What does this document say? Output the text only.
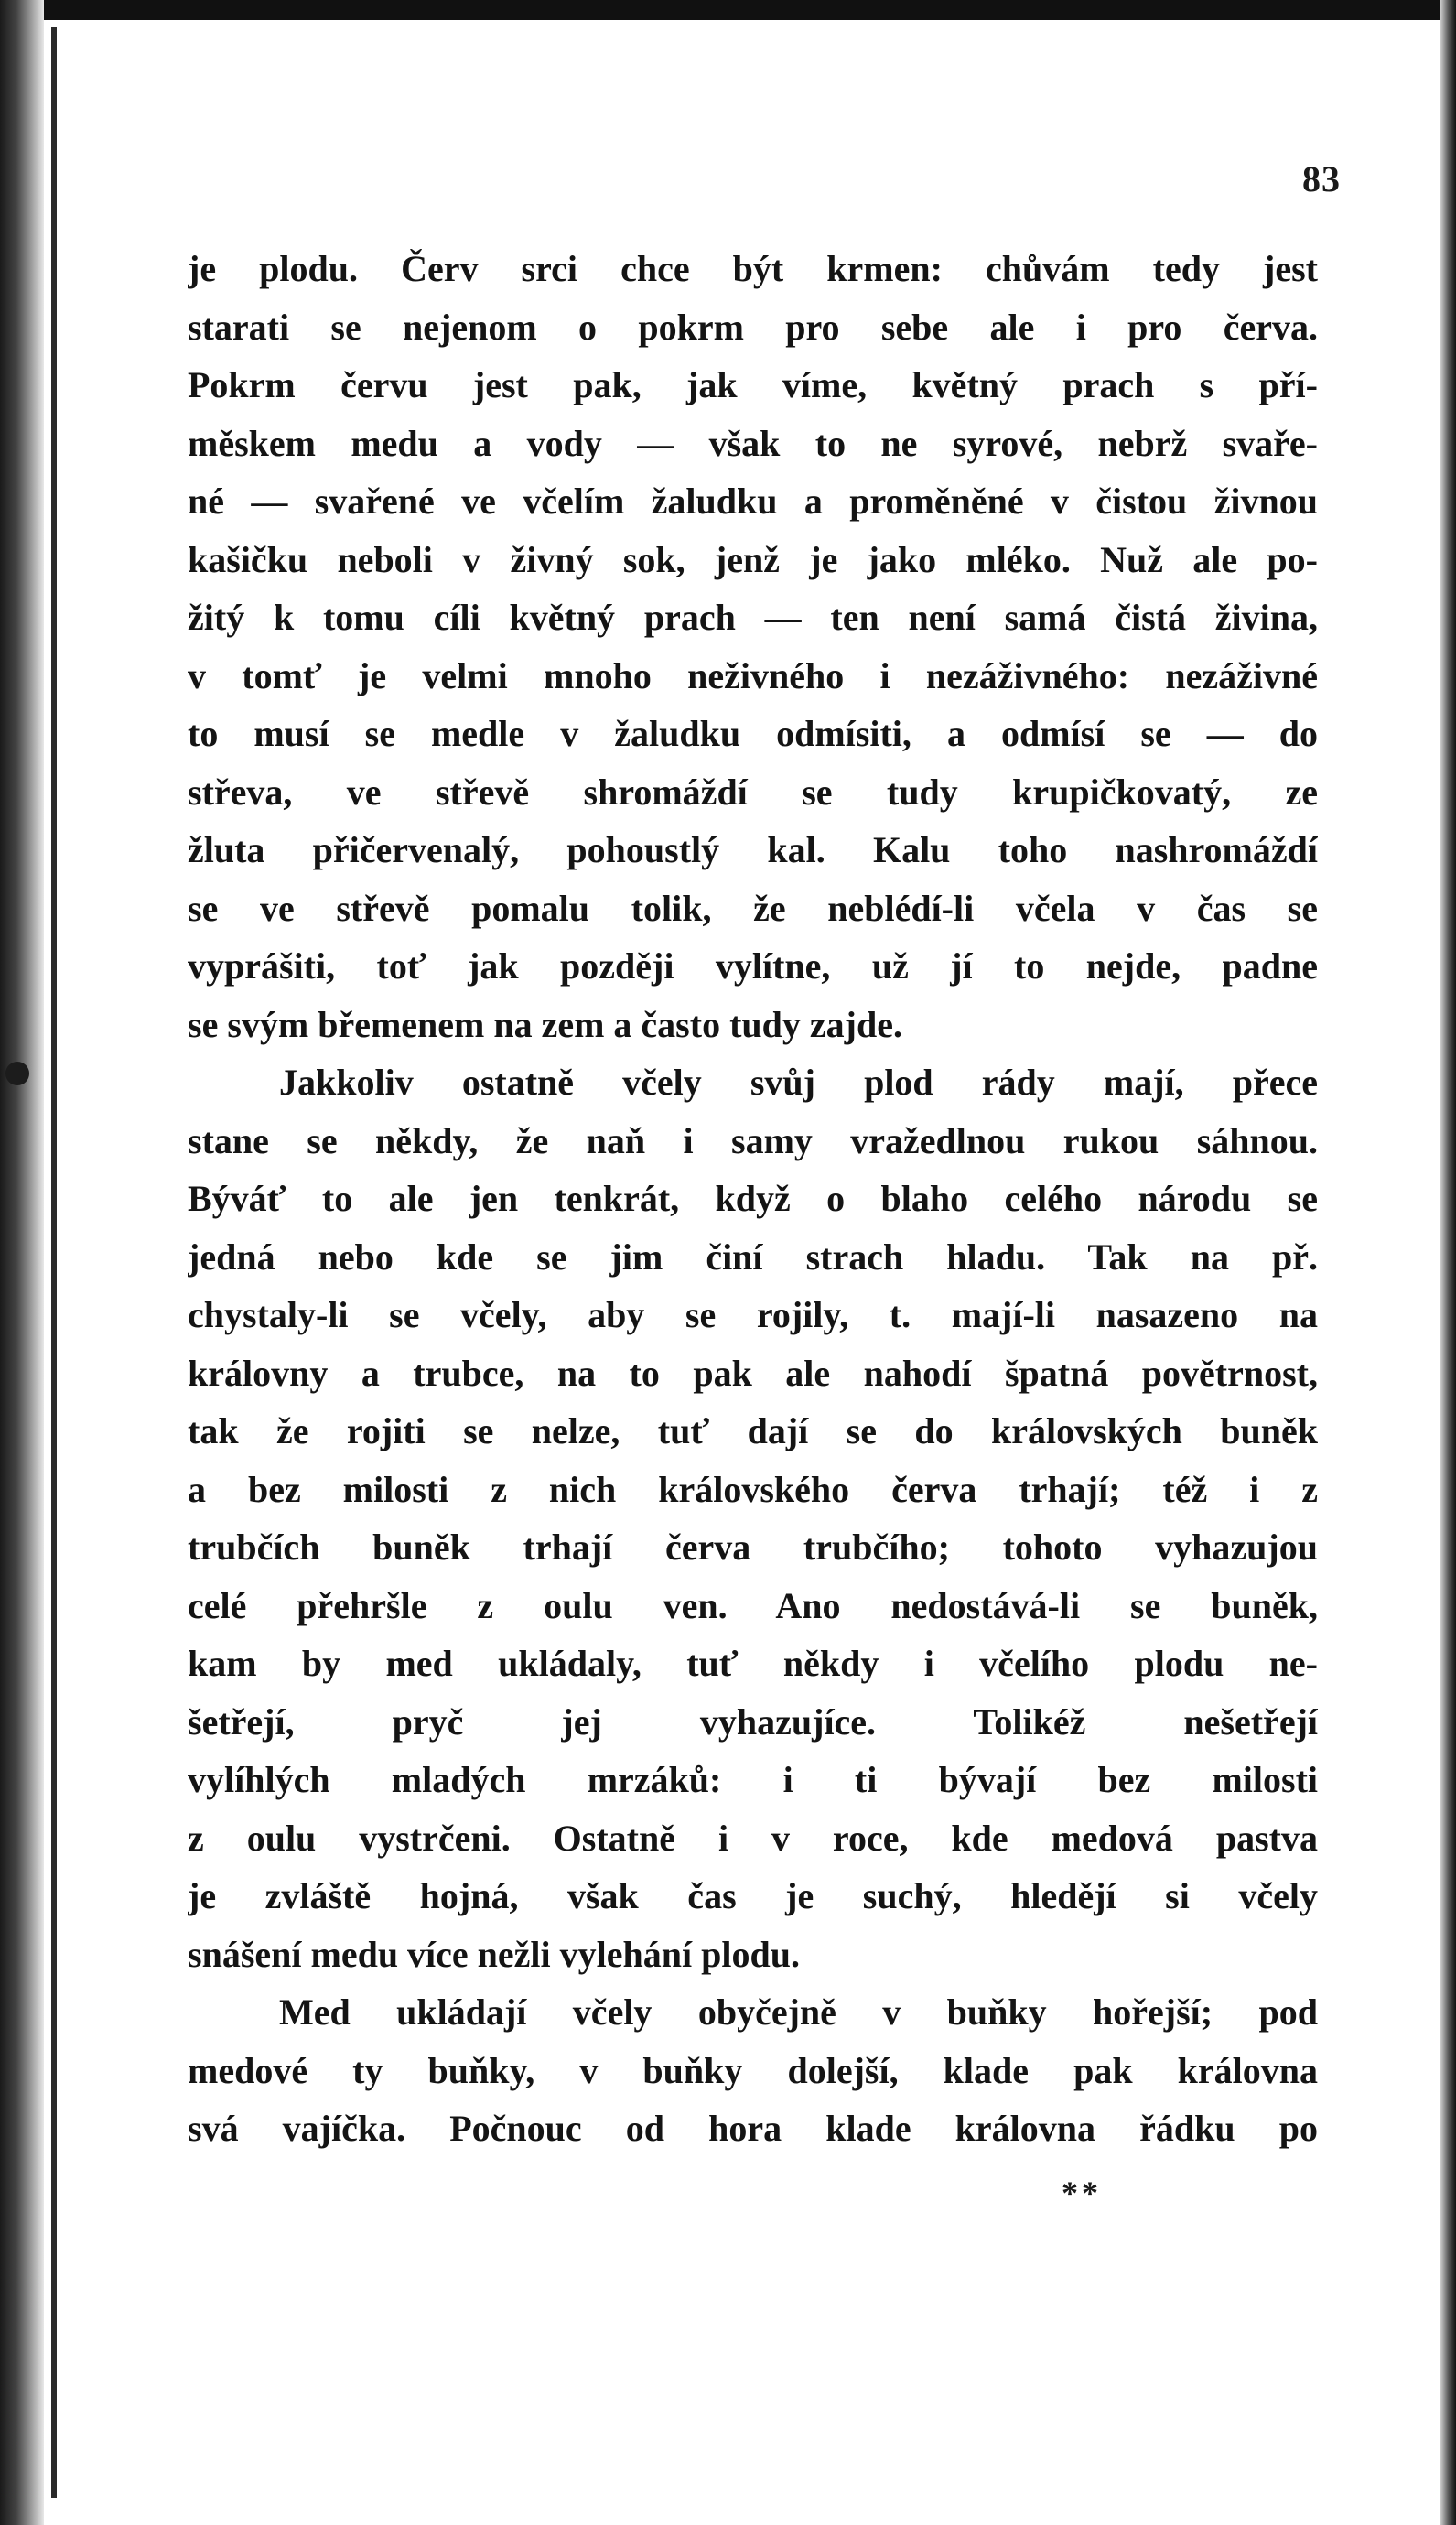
83
je plodu. Červ srci chce být krmen: chůvám tedy jest
starati se nejenom o pokrm pro sebe ale i pro červa.
Pokrm červu jest pak, jak víme, květný prach s pří-
měskem medu a vody — však to ne syrové, nebrž svaře-
né — svařené ve včelím žaludku a proměněné v čistou živnou
kašičku neboli v živný sok, jenž je jako mléko. Nuž ale po-
žitý k tomu cíli květný prach — ten není samá čistá živina,
v tomť je velmi mnoho neživného i nezáživného: nezáživné
to musí se medle v žaludku odmísiti, a odmísí se — do
střeva, ve střevě shromáždí se tudy krupičkovatý, ze
žluta přičervenalý, pohoustlý kal. Kalu toho nashromáždí
se ve střevě pomalu tolik, že neblédí-li včela v čas se
vyprášiti, toť jak později vylítne, už jí to nejde, padne
se svým břemenem na zem a často tudy zajde.
Jakkoliv ostatně včely svůj plod rády mají, přece
stane se někdy, že naň i samy vražedlnou rukou sáhnou.
Býváť to ale jen tenkrát, když o blaho celého národu se
jedná nebo kde se jim činí strach hladu. Tak na př.
chystaly-li se včely, aby se rojily, t. mají-li nasazeno na
královny a trubce, na to pak ale nahodí špatná povětrnost,
tak že rojiti se nelze, tuť dají se do královských buněk
a bez milosti z nich královského červa trhají; též i z
trubčích buněk trhají červa trubčího; tohoto vyhazujou
celé přehršle z oulu ven. Ano nedostává-li se buněk,
kam by med ukládaly, tuť někdy i včelího plodu ne-
šetřejí, pryč jej vyhazujíce. Tolikéž nešetřejí
vylíhlých mladých mrzáků: i ti bývají bez milosti
z oulu vystrčeni. Ostatně i v roce, kde medová pastva
je zvláště hojná, však čas je suchý, hledějí si včely
snášení medu více nežli vylehání plodu.
Med ukládají včely obyčejně v buňky hořejší; pod
medové ty buňky, v buňky dolejší, klade pak královna
svá vajíčka. Počnouc od hora klade královna řádku po
**
